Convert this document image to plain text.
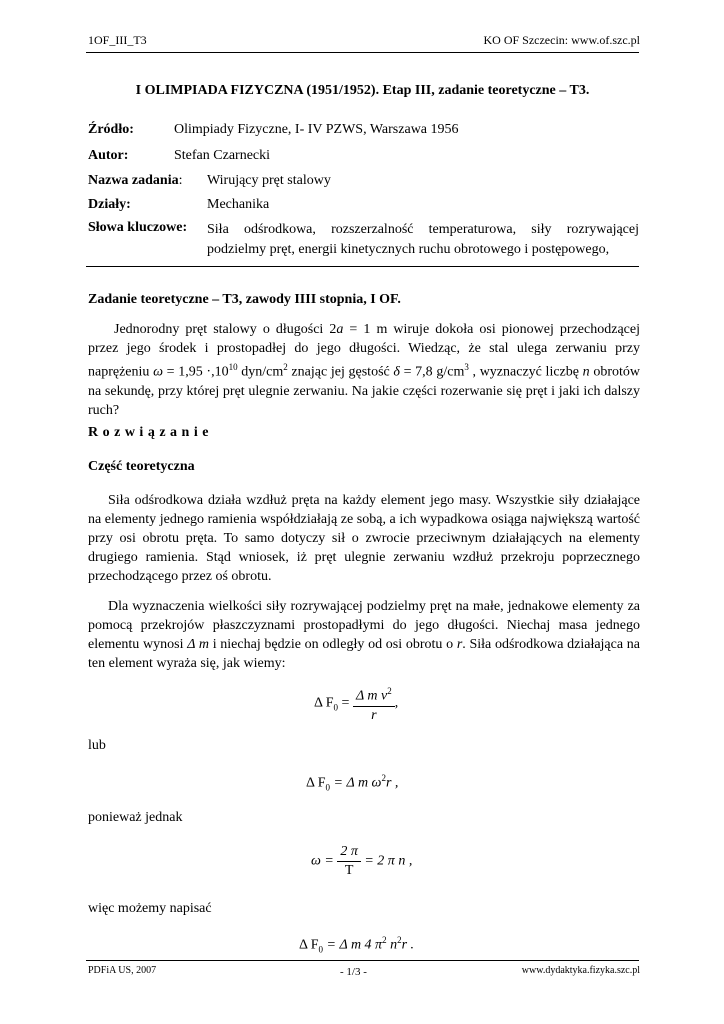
1OF_III_T3	KO OF Szczecin: www.of.szc.pl
I OLIMPIADA FIZYCZNA (1951/1952). Etap III, zadanie teoretyczne – T3.
Źródło:	Olimpiady Fizyczne, I- IV PZWS, Warszawa 1956
Autor:	Stefan Czarnecki
Nazwa zadania: Wirujący pręt stalowy
Działy:	Mechanika
Słowa kluczowe: Siła odśrodkowa, rozszerzalność temperaturowa, siły rozrywającej podzielmy pręt, energii kinetycznych ruchu obrotowego i postępowego,
Zadanie teoretyczne – T3, zawody IIII stopnia, I OF.

Jednorodny pręt stalowy o długości 2a = 1 m wiruje dokoła osi pionowej przechodzącej przez jego środek i prostopadłej do jego długości. Wiedząc, że stal ulega zerwaniu przy naprężeniu $\omega = 1,95 \cdot,10^{10}$ dyn/$cm^2$ znając jej gęstość δ = 7,8 $g/cm^3$ , wyznaczyć liczbę n obrotów na sekundę, przy której pręt ulegnie zerwaniu. Na jakie części rozerwanie się pręt i jaki ich dalszy ruch?

R o z w i ą z a n i e
Część teoretyczna

Siła odśrodkowa działa wzdłuż pręta na każdy element jego masy. Wszystkie siły działające na elementy jednego ramienia współdziałają ze sobą, a ich wypadkowa osiąga największą wartość przy osi obrotu pręta. To samo dotyczy sił o zwrocie przeciwnym działających na elementy drugiego ramienia. Stąd wniosek, iż pręt ulegnie zerwaniu wzdłuż przekroju poprzecznego przechodzącego przez oś obrotu.

Dla wyznaczenia wielkości siły rozrywającej podzielmy pręt na małe, jednakowe elementy za pomocą przekrojów płaszczyznami prostopadłymi do jego długości. Niechaj masa jednego elementu wynosi Δ m i niechaj będzie on odległy od osi obrotu o r. Siła odśrodkowa działająca na ten element wyraża się, jak wiemy:

Δ $F_0 = \frac{\Delta m v^2}{r}$ ,
lub
Δ $F_0 = \Delta$ m $\omega^2r$ ,
ponieważ jednak
$\omega = \frac{2 \pi}{T} = 2$ π n ,
więc możemy napisać
Δ $F_0 = \Delta$ m 4 $\pi^2$ $n^2r$ .
PDFiA US, 2007	- 1/3 -	www.dydaktyka.fizyka.szc.pl
